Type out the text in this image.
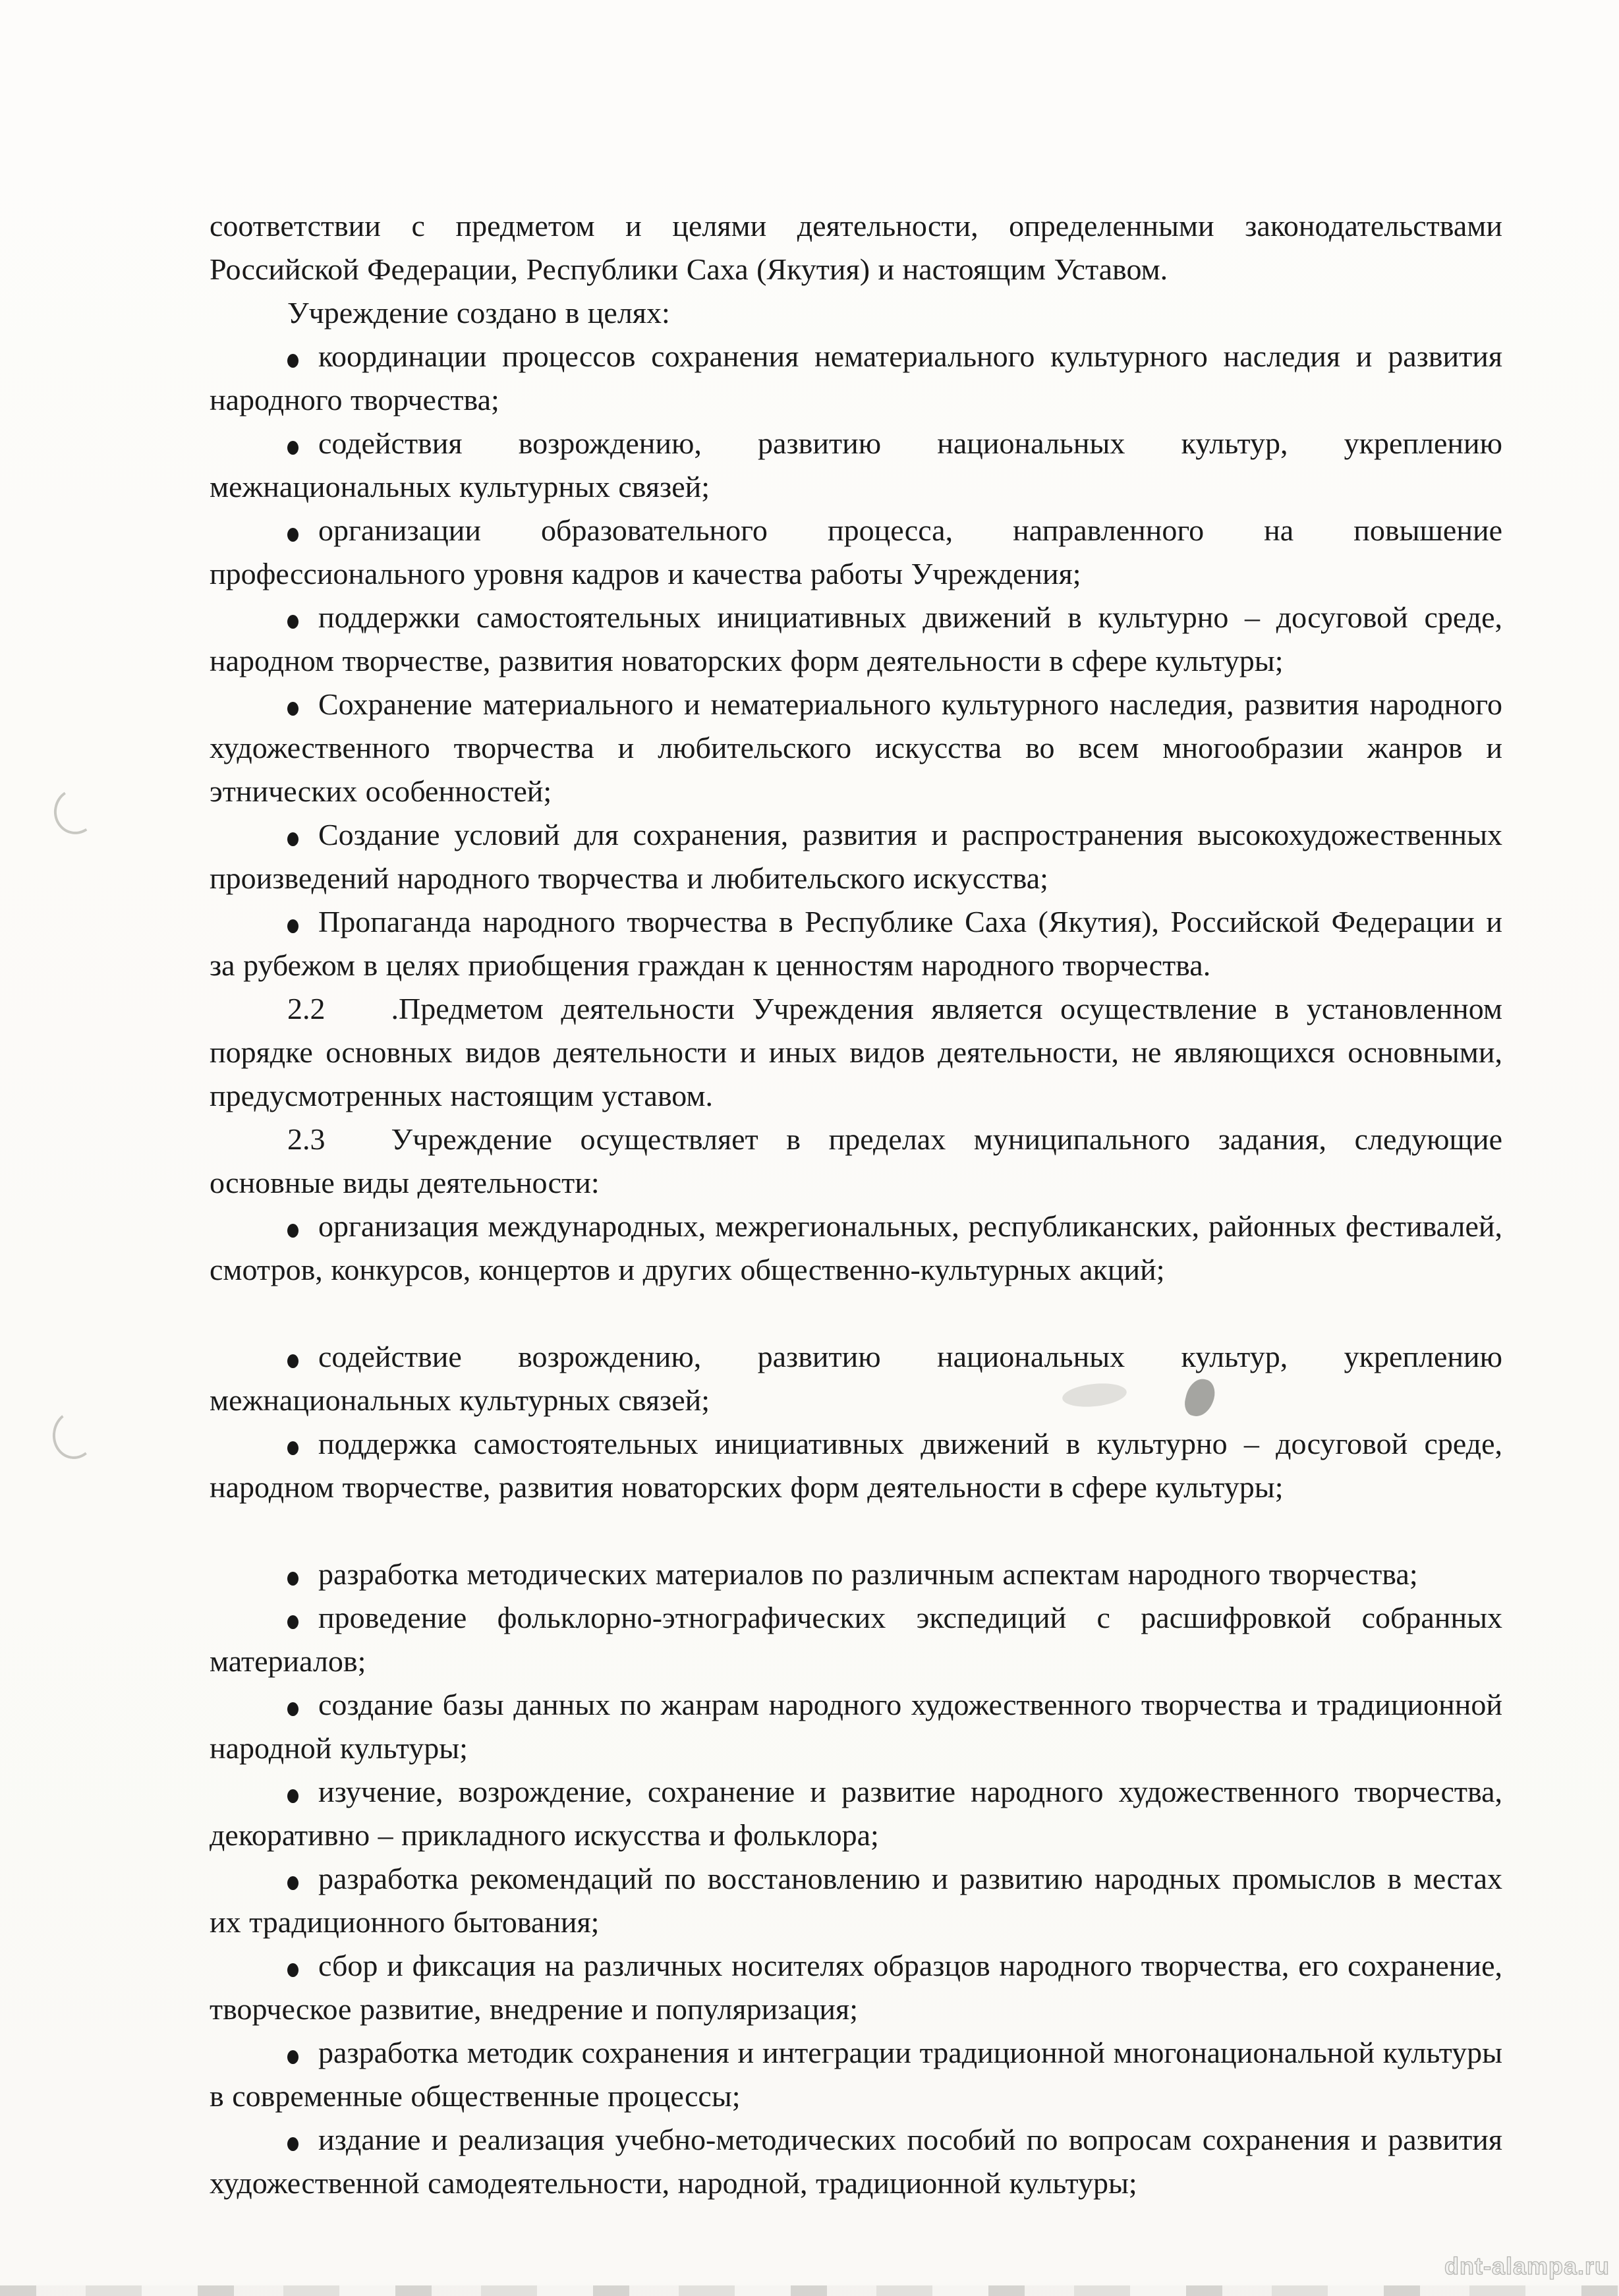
соответствии с предметом и целями деятельности, определенными законодательствами Российской Федерации, Республики Саха (Якутия) и настоящим Уставом.

Учреждение создано в целях:

координации процессов сохранения нематериального культурного наследия и развития народного творчества;

содействия возрождению, развитию национальных культур, укреплению межнациональных культурных связей;

организации образовательного процесса, направленного на повышение профессионального уровня кадров и качества работы Учреждения;

поддержки самостоятельных инициативных движений в культурно – досуговой среде, народном творчестве, развития новаторских форм деятельности в сфере культуры;

Сохранение материального и нематериального культурного наследия, развития народного художественного творчества и любительского искусства во всем многообразии жанров и этнических особенностей;

Создание условий для сохранения, развития и распространения высокохудожественных произведений народного творчества и любительского искусства;

Пропаганда народного творчества в Республике Саха (Якутия), Российской Федерации и за рубежом в целях приобщения граждан к ценностям народного творчества.

2.2 .Предметом деятельности Учреждения является осуществление в установленном порядке основных видов деятельности и иных видов деятельности, не являющихся основными, предусмотренных настоящим уставом.

2.3 Учреждение осуществляет в пределах муниципального задания, следующие основные виды деятельности:

организация международных, межрегиональных, республиканских, районных фестивалей, смотров, конкурсов, концертов и других общественно-культурных акций;

содействие возрождению, развитию национальных культур, укреплению межнациональных культурных связей;

поддержка самостоятельных инициативных движений в культурно – досуговой среде, народном творчестве, развития новаторских форм деятельности в сфере культуры;

разработка методических материалов по различным аспектам народного творчества;

проведение фольклорно-этнографических экспедиций с расшифровкой собранных материалов;

создание базы данных по жанрам народного художественного творчества и традиционной народной культуры;

изучение, возрождение, сохранение и развитие народного художественного творчества, декоративно – прикладного искусства и фольклора;

разработка рекомендаций по восстановлению и развитию народных промыслов в местах их традиционного бытования;

сбор и фиксация на различных носителях образцов народного творчества, его сохранение, творческое развитие, внедрение и популяризация;

разработка методик сохранения и интеграции традиционной многонациональной культуры в современные общественные процессы;

издание и реализация учебно-методических пособий по вопросам сохранения и развития художественной самодеятельности, народной, традиционной культуры;

dnt-alampa.ru
